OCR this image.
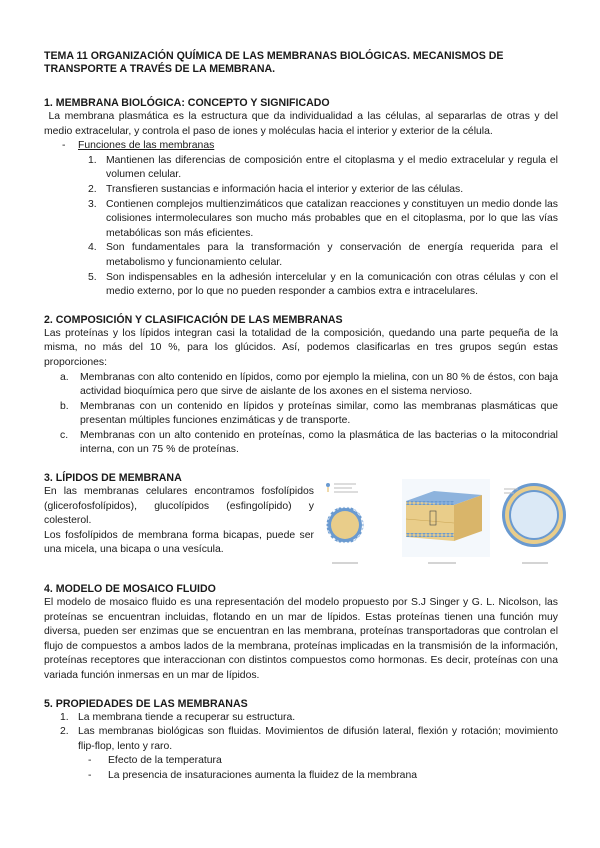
TEMA 11 ORGANIZACIÓN QUÍMICA DE LAS MEMBRANAS BIOLÓGICAS. MECANISMOS DE TRANSPORTE A TRAVÉS DE LA MEMBRANA.
1. MEMBRANA BIOLÓGICA: CONCEPTO Y SIGNIFICADO

La membrana plasmática es la estructura que da individualidad a las células, al separarlas de otras y del medio extracelular, y controla el paso de iones y moléculas hacia el interior y exterior de la célula.

-	Funciones de las membranas
1. Mantienen las diferencias de composición entre el citoplasma y el medio extracelular y regula el volumen celular.
2. Transfieren sustancias e información hacia el interior y exterior de las células.
3. Contienen complejos multienzimáticos que catalizan reacciones y constituyen un medio donde las colisiones intermoleculares son mucho más probables que en el citoplasma, por lo que las vías metabólicas son más eficientes.
4. Son fundamentales para la transformación y conservación de energía requerida para el metabolismo y funcionamiento celular.
5. Son indispensables en la adhesión intercelular y en la comunicación con otras células y con el medio externo, por lo que no pueden responder a cambios extra e intracelulares.
2. COMPOSICIÓN Y CLASIFICACIÓN DE LAS MEMBRANAS

Las proteínas y los lípidos integran casi la totalidad de la composición, quedando una parte pequeña de la misma, no más del 10 %, para los glúcidos. Así, podemos clasificarlas en tres grupos según estas proporciones:

a.	Membranas con alto contenido en lípidos, como por ejemplo la mielina, con un 80 % de éstos, con baja actividad bioquímica pero que sirve de aislante de los axones en el sistema nervioso.
b.	Membranas con un contenido en lípidos y proteínas similar, como las membranas plasmáticas que presentan múltiples funciones enzimáticas y de transporte.
c.	Membranas con un alto contenido en proteínas, como la plasmática de las bacterias o la mitocondrial interna, con un 75 % de proteínas.
3. LÍPIDOS DE MEMBRANA

En las membranas celulares encontramos fosfolípidos (glicerofosfolípidos), glucolípidos (esfingolípido) y colesterol.

Los fosfolípidos de membrana forma bicapas, puede ser una micela, una bicapa o una vesícula.

4. MODELO DE MOSAICO FLUIDO

El modelo de mosaico fluido es una representación del modelo propuesto por S.J Singer y G. L. Nicolson, las proteínas se encuentran incluidas, flotando en un mar de lípidos. Estas proteínas tienen una función muy diversa, pueden ser enzimas que se encuentran en las membrana, proteínas transportadoras que controlan el flujo de compuestos a ambos lados de la membrana, proteínas implicadas en la transmisión de la información, proteínas receptores que interaccionan con distintos compuestos como hormonas. Es decir, proteínas con una variada función inmersas en un mar de lípidos.

5. PROPIEDADES DE LAS MEMBRANAS
1. La membrana tiende a recuperar su estructura.
2. Las membranas biológicas son fluidas. Movimientos de difusión lateral, flexión y rotación; movimiento flip-flop, lento y raro.
-	Efecto de la temperatura
-	La presencia de insaturaciones aumenta la fluidez de la membrana
